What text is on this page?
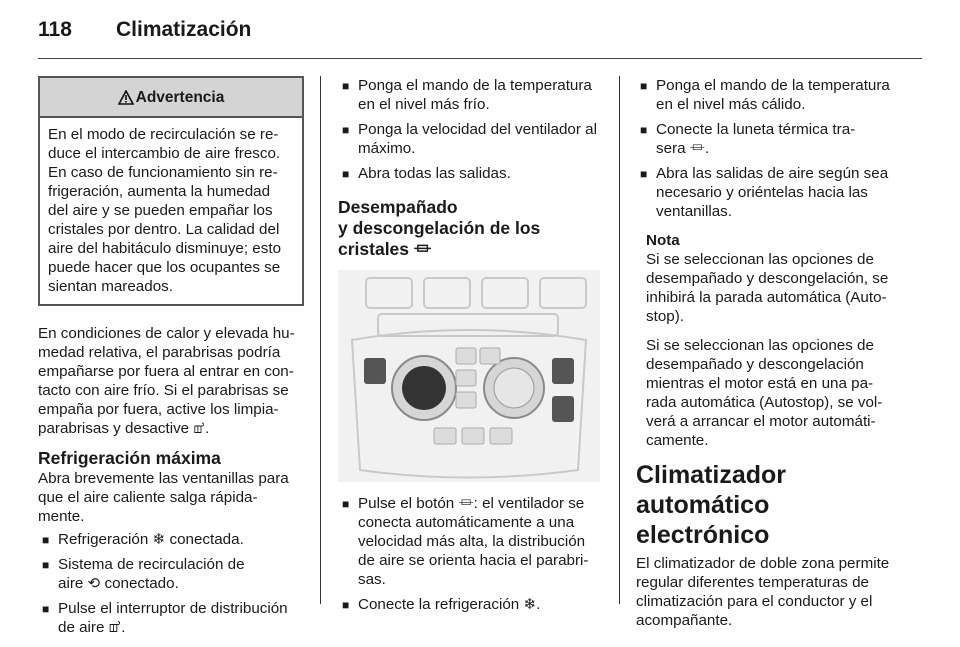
118 Climatización
Advertencia
En el modo de recirculación se re-
duce el intercambio de aire fresco.
En caso de funcionamiento sin re-
frigeración, aumenta la humedad
del aire y se pueden empañar los
cristales por dentro. La calidad del
aire del habitáculo disminuye; esto
puede hacer que los ocupantes se
sientan mareados.

En condiciones de calor y elevada hu-
medad relativa, el parabrisas podría
empañarse por fuera al entrar en con-
tacto con aire frío. Si el parabrisas se
empaña por fuera, active los limpia-
parabrisas y desactive ꕠ.

Refrigeración máxima

Abra brevemente las ventanillas para
que el aire caliente salga rápida-
mente.

■ Refrigeración ❄ conectada.
■ Sistema de recirculación de
aire ⟲ conectado.
■ Pulse el interruptor de distribución
de aire ꕠ.
■ Ponga el mando de la temperatura
en el nivel más frío.
■ Ponga la velocidad del ventilador al
máximo.
■ Abra todas las salidas.
Desempañado
y descongelación de los
cristales ⏛
■ Pulse el botón ⏛: el ventilador se
conecta automáticamente a una
velocidad más alta, la distribución
de aire se orienta hacia el parabri-
sas.
■ Conecte la refrigeración ❄.
■ Ponga el mando de la temperatura
en el nivel más cálido.
■ Conecte la luneta térmica tra-
sera ⏛.
■ Abra las salidas de aire según sea
necesario y oriéntelas hacia las
ventanillas.
Nota

Si se seleccionan las opciones de
desempañado y descongelación, se
inhibirá la parada automática (Auto-
stop).

Si se seleccionan las opciones de
desempañado y descongelación
mientras el motor está en una pa-
rada automática (Autostop), se vol-
verá a arrancar el motor automáti-
camente.

Climatizador automático
electrónico

El climatizador de doble zona permite
regular diferentes temperaturas de
climatización para el conductor y el
acompañante.
